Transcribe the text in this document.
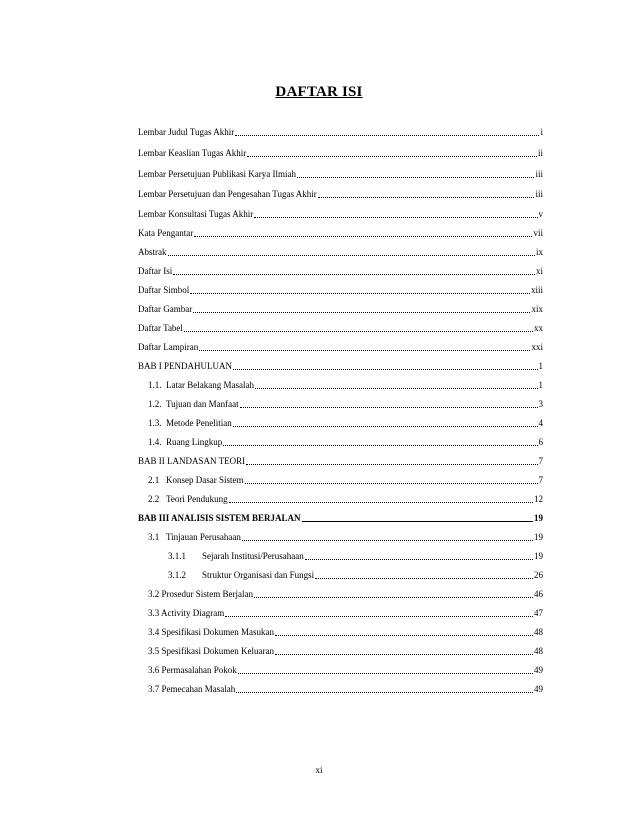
DAFTAR ISI
Lembar Judul Tugas Akhir	i
Lembar Keaslian Tugas Akhir	ii
Lembar Persetujuan Publikasi Karya Ilmiah	iii
Lembar Persetujuan dan Pengesahan Tugas Akhir	iii
Lembar Konsultasi Tugas Akhir	v
Kata Pengantar	vii
Abstrak	ix
Daftar Isi	xi
Daftar Simbol	xiii
Daftar Gambar	xix
Daftar Tabel	xx
Daftar Lampiran	xxi
BAB I PENDAHULUAN	1
1.1. Latar Belakang Masalah	1
1.2. Tujuan dan Manfaat	3
1.3. Metode Penelitian	4
1.4. Ruang Lingkup	6
BAB II LANDASAN TEORI	7
2.1 Konsep Dasar Sistem	7
2.2 Teori Pendukung	12
BAB III ANALISIS SISTEM BERJALAN	19
3.1 Tinjauan Perusahaan	19
3.1.1	Sejarah Institusi/Perusahaan	19
3.1.2	Struktur Organisasi dan Fungsi	26
3.2 Prosedur Sistem Berjalan	46
3.3 Activity Diagram	47
3.4 Spesifikasi Dokumen Masukan	48
3.5 Spesifikasi Dokumen Keluaran	48
3.6 Permasalahan Pokok	49
3.7 Pemecahan Masalah	49
xi
